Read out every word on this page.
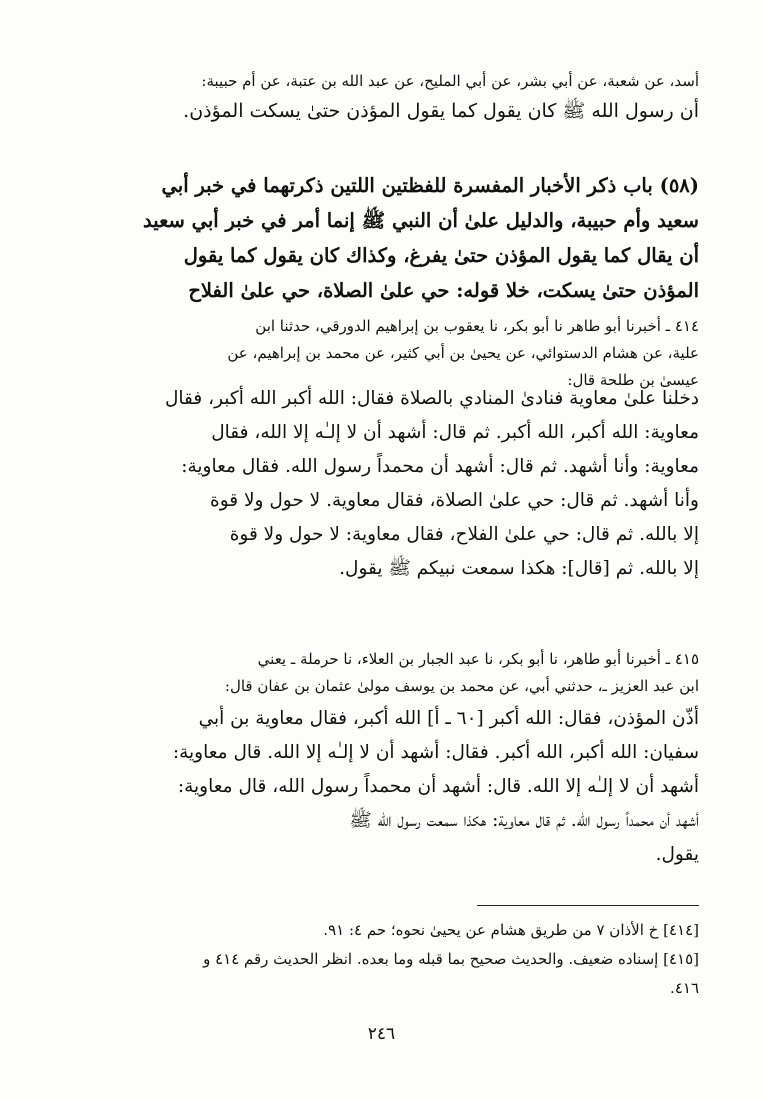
أسد، عن شعبة، عن أبي بشر، عن أبي المليح، عن عبد الله بن عتبة، عن أم حبيبة:
أن رسول الله ﷺ كان يقول كما يقول المؤذن حتىٰ يسكت المؤذن.
(٥٨) باب ذكر الأخبار المفسرة للفظتين اللتين ذكرتهما في خبر أبي
سعيد وأم حبيبة، والدليل علىٰ أن النبي ﷺ إنما أمر في خبر أبي سعيد
أن يقال كما يقول المؤذن حتىٰ يفرغ، وكذاك كان يقول كما يقول
المؤذن حتىٰ يسكت، خلا قوله: حي علىٰ الصلاة، حي علىٰ الفلاح
٤١٤ ـ أخبرنا أبو طاهر نا أبو بكر، نا يعقوب بن إبراهيم الدورقي، حدثنا ابن
علية، عن هشام الدستوائي، عن يحيىٰ بن أبي كثير، عن محمد بن إبراهيم، عن
عيسىٰ بن طلحة قال:
دخلنا علىٰ معاوية فنادىٰ المنادي بالصلاة فقال: الله أكبر الله أكبر، فقال
معاوية: الله أكبر، الله أكبر. ثم قال: أشهد أن لا إلـٰه إلا الله، فقال
معاوية: وأنا أشهد. ثم قال: أشهد أن محمداً رسول الله. فقال معاوية:
وأنا أشهد. ثم قال: حي علىٰ الصلاة، فقال معاوية. لا حول ولا قوة
إلا بالله. ثم قال: حي علىٰ الفلاح، فقال معاوية: لا حول ولا قوة
إلا بالله. ثم [قال]: هكذا سمعت نبيكم ﷺ يقول.
٤١٥ ـ أخبرنا أبو طاهر، نا أبو بكر، نا عبد الجبار بن العلاء، نا حرملة ـ يعني
ابن عبد العزيز ـ، حدثني أبي، عن محمد بن يوسف مولىٰ عثمان بن عفان قال:
أذّن المؤذن، فقال: الله أكبر [٦٠ ـ أ] الله أكبر، فقال معاوية بن أبي
سفيان: الله أكبر، الله أكبر. فقال: أشهد أن لا إلـٰه إلا الله. قال معاوية:
أشهد أن لا إلـٰه إلا الله. قال: أشهد أن محمداً رسول الله، قال معاوية:
أشهد أن محمداً رسول الله. ثم قال معاوية: هكذا سمعت رسول الله ﷺ
يقول.
[٤١٤] خ الأذان ٧ من طريق هشام عن يحيىٰ نحوه؛ حم ٤: ٩١.
[٤١٥] إسناده ضعيف. والحديث صحيح بما قبله وما بعده. انظر الحديث رقم ٤١٤ و
٤١٦.
٢٤٦
